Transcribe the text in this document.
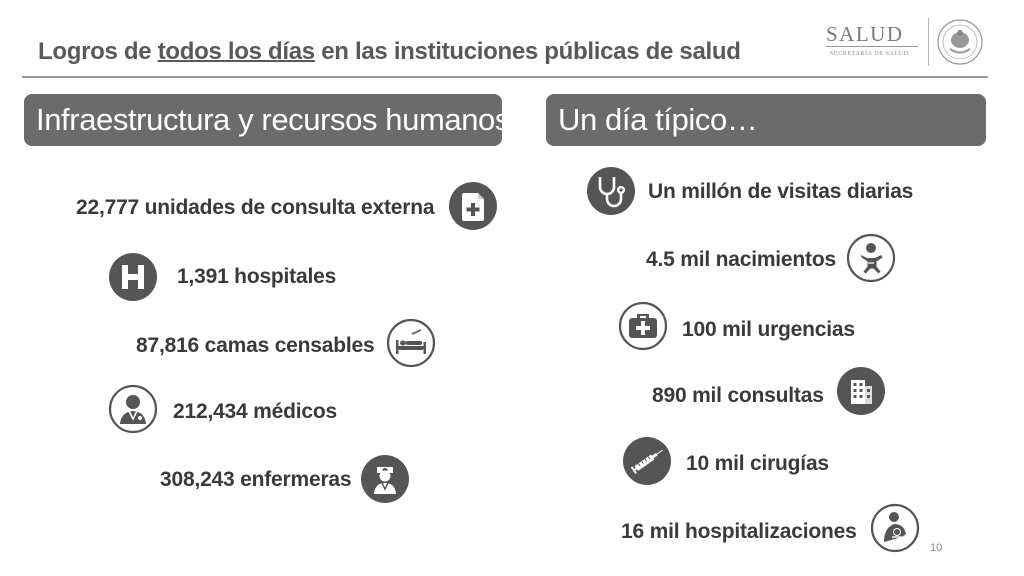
Logros de todos los días en las instituciones públicas de salud
SALUD
SECRETARÍA DE SALUD
Infraestructura y recursos humanos	Un día típico…
22,777 unidades de consulta externa
1,391 hospitales
87,816 camas censables
212,434 médicos
308,243 enfermeras
Un millón de visitas diarias
4.5 mil nacimientos
100 mil urgencias
890 mil consultas
10 mil cirugías
16 mil hospitalizaciones
10
